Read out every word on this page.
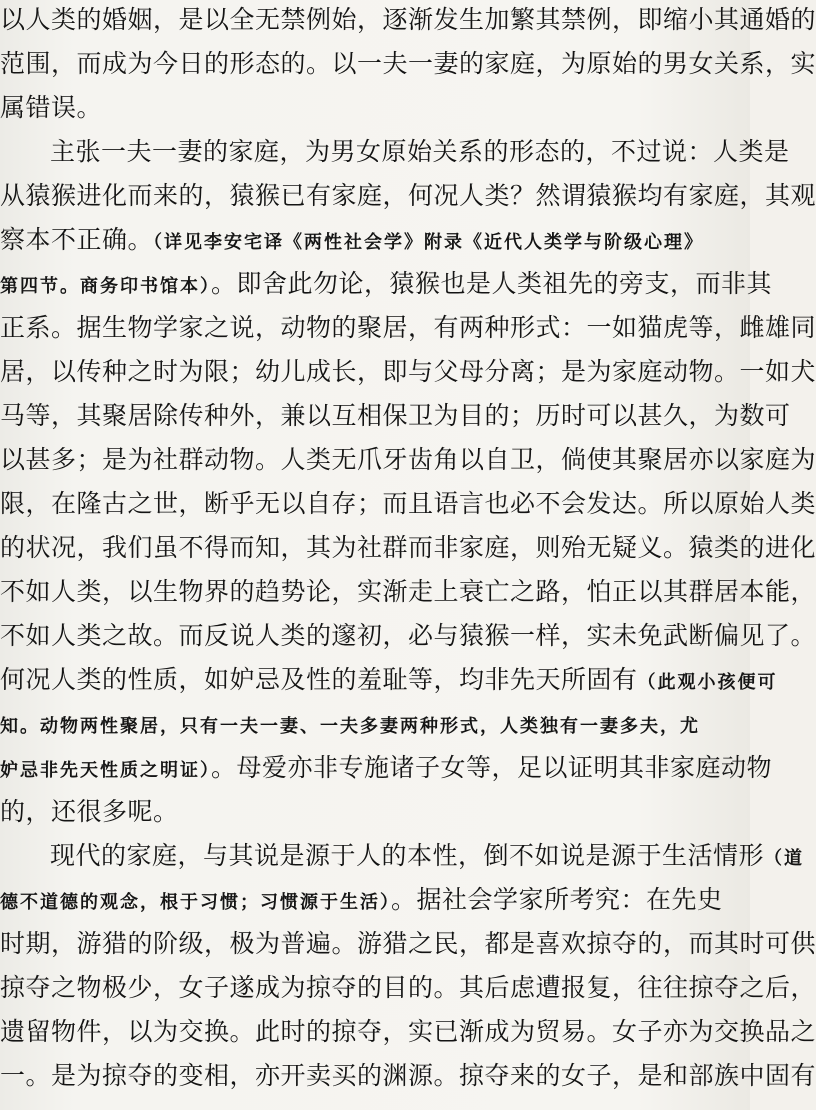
以人类的婚姻，是以全无禁例始，逐渐发生加繁其禁例，即缩小其通婚的
范围，而成为今日的形态的。以一夫一妻的家庭，为原始的男女关系，实
属错误。
主张一夫一妻的家庭，为男女原始关系的形态的，不过说：人类是
从猿猴进化而来的，猿猴已有家庭，何况人类？然谓猿猴均有家庭，其观
察本不正确。（详见李安宅译《两性社会学》附录《近代人类学与阶级心理》
第四节。商务印书馆本）。即舍此勿论，猿猴也是人类祖先的旁支，而非其
正系。据生物学家之说，动物的聚居，有两种形式：一如猫虎等，雌雄同
居，以传种之时为限；幼儿成长，即与父母分离；是为家庭动物。一如犬
马等，其聚居除传种外，兼以互相保卫为目的；历时可以甚久，为数可
以甚多；是为社群动物。人类无爪牙齿角以自卫，倘使其聚居亦以家庭为
限，在隆古之世，断乎无以自存；而且语言也必不会发达。所以原始人类
的状况，我们虽不得而知，其为社群而非家庭，则殆无疑义。猿类的进化
不如人类，以生物界的趋势论，实渐走上衰亡之路，怕正以其群居本能，
不如人类之故。而反说人类的邃初，必与猿猴一样，实未免武断偏见了。
何况人类的性质，如妒忌及性的羞耻等，均非先天所固有（此观小孩便可
知。动物两性聚居，只有一夫一妻、一夫多妻两种形式，人类独有一妻多夫，尤
妒忌非先天性质之明证）。母爱亦非专施诸子女等，足以证明其非家庭动物
的，还很多呢。
现代的家庭，与其说是源于人的本性，倒不如说是源于生活情形（道
德不道德的观念，根于习惯；习惯源于生活）。据社会学家所考究：在先史
时期，游猎的阶级，极为普遍。游猎之民，都是喜欢掠夺的，而其时可供
掠夺之物极少，女子遂成为掠夺的目的。其后虑遭报复，往往掠夺之后，
遗留物件，以为交换。此时的掠夺，实已渐成为贸易。女子亦为交换品之
一。是为掠夺的变相，亦开卖买的渊源。掠夺来的女子，是和部族中固有
